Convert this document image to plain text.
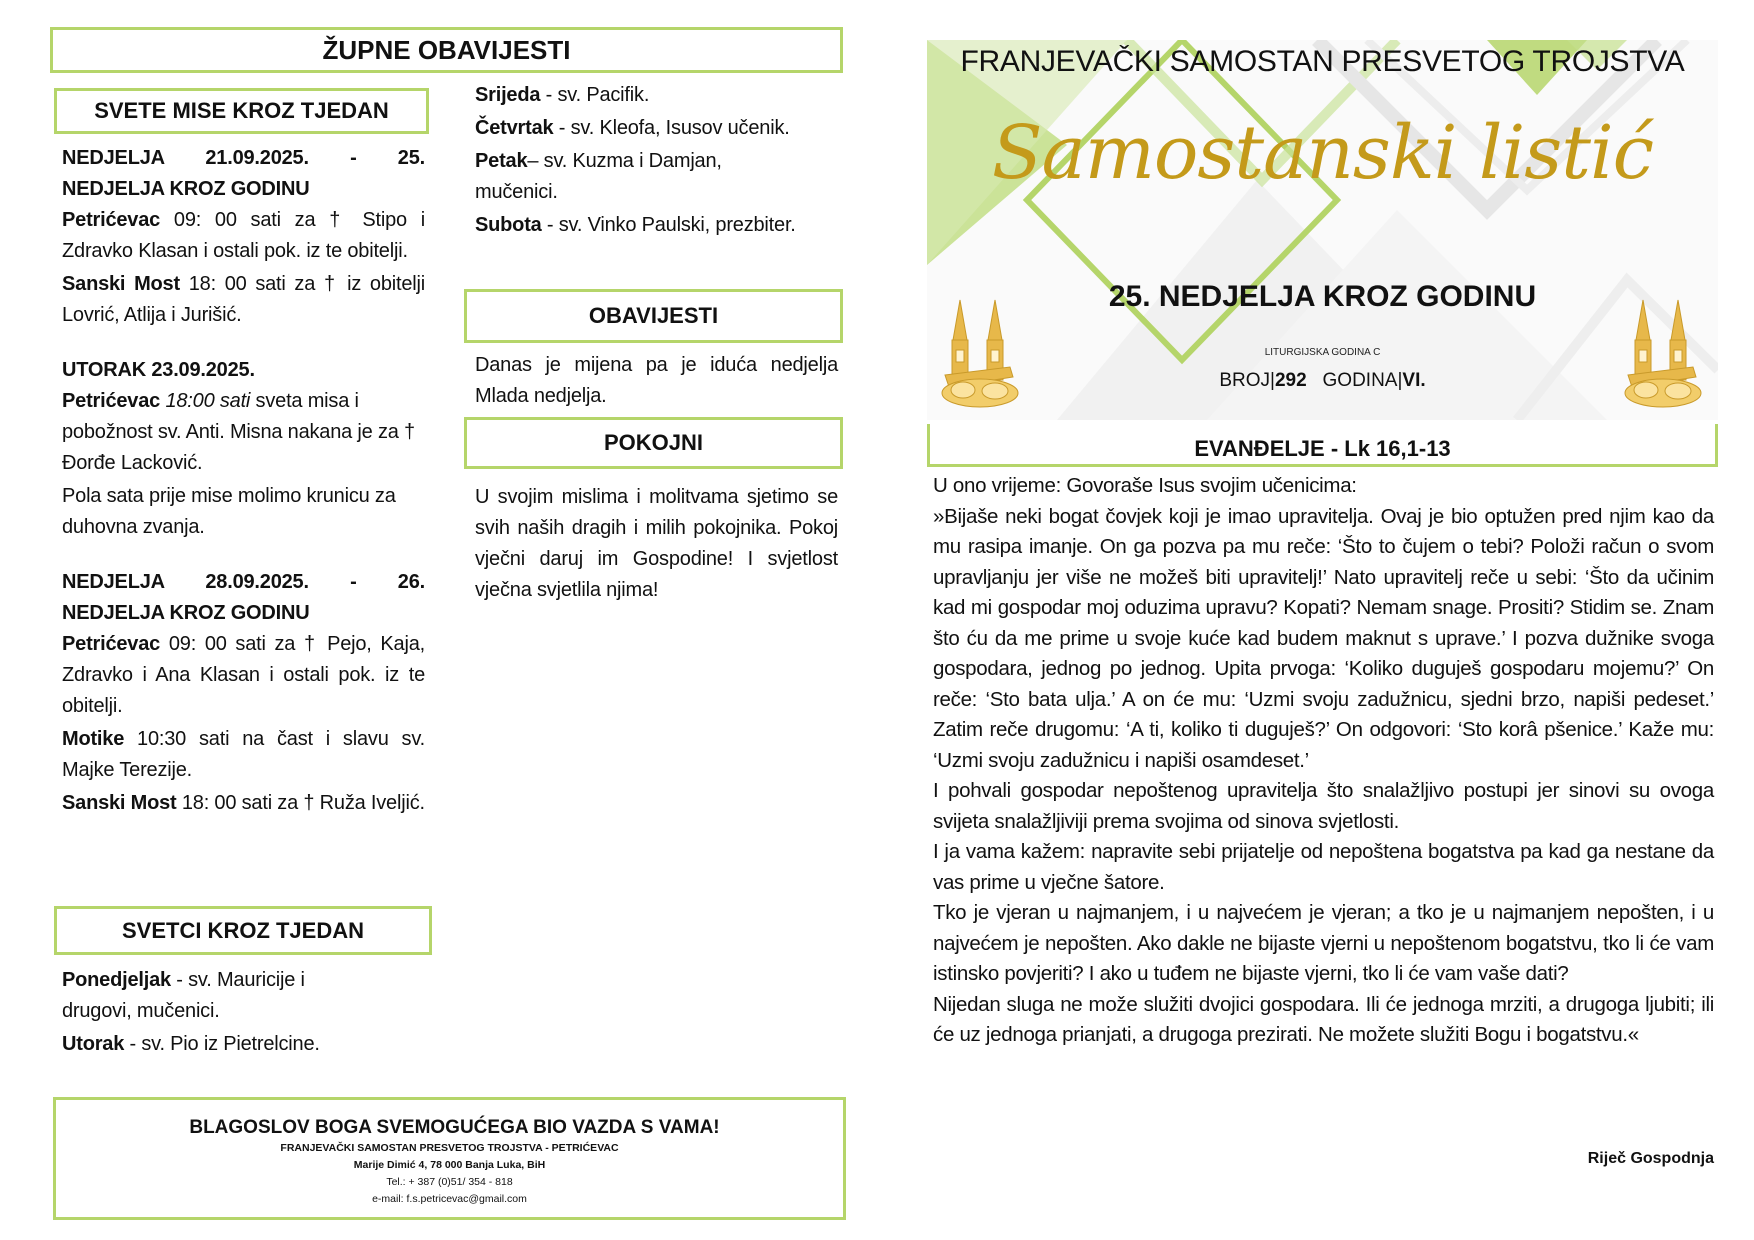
ŽUPNE OBAVIJESTI
SVETE MISE KROZ TJEDAN
NEDJELJA 21.09.2025. - 25. NEDJELJA KROZ GODINU

Petrićevac 09: 00 sati za † Stipo i Zdravko Klasan i ostali pok. iz te obitelji.

Sanski Most 18: 00 sati za † iz obitelji Lovrić, Atlija i Jurišić.

UTORAK 23.09.2025.

Petrićevac 18:00 sati sveta misa i pobožnost sv. Anti. Misna nakana je za † Đorđe Lacković.

Pola sata prije mise molimo krunicu za duhovna zvanja.

NEDJELJA 28.09.2025. - 26. NEDJELJA KROZ GODINU

Petrićevac 09: 00 sati za † Pejo, Kaja, Zdravko i Ana Klasan i ostali pok. iz te obitelji.

Motike 10:30 sati na čast i slavu sv. Majke Terezije.

Sanski Most 18: 00 sati za † Ruža Iveljić.

Srijeda - sv. Pacifik.

Četvrtak - sv. Kleofa, Isusov učenik.

Petak– sv. Kuzma i Damjan, mučenici.

Subota - sv. Vinko Paulski, prezbiter.

OBAVIJESTI
Danas je mijena pa je iduća nedjelja Mlada nedjelja.
POKOJNI
U svojim mislima i molitvama sjetimo se svih naših dragih i milih pokojnika. Pokoj vječni daruj im Gospodine! I svjetlost vječna svjetlila njima!
SVETCI KROZ TJEDAN

Ponedjeljak - sv. Mauricije i drugovi, mučenici.

Utorak - sv. Pio iz Pietrelcine.

BLAGOSLOV BOGA SVEMOGUĆEGA BIO VAZDA S VAMA!
FRANJEVAČKI SAMOSTAN PRESVETOG TROJSTVA - PETRIĆEVAC
Marije Dimić 4, 78 000 Banja Luka, BiH
Tel.: + 387 (0)51/ 354 - 818
e-mail: f.s.petricevac@gmail.com
FRANJEVAČKI SAMOSTAN PRESVETOG TROJSTVA
Samostanski listić
25. NEDJELJA KROZ GODINU
LITURGIJSKA GODINA C
BROJ|292 GODINA|VI.
EVANĐELJE - Lk 16,1-13

U ono vrijeme: Govoraše Isus svojim učenicima:

»Bijaše neki bogat čovjek koji je imao upravitelja. Ovaj je bio optužen pred njim kao da mu rasipa imanje. On ga pozva pa mu reče: ‘Što to čujem o tebi? Položi račun o svom upravljanju jer više ne možeš biti upravitelj!’ Nato upravitelj reče u sebi: ‘Što da učinim kad mi gospodar moj oduzima upravu? Kopati? Nemam snage. Prositi? Stidim se. Znam što ću da me prime u svoje kuće kad budem maknut s uprave.’ I pozva dužnike svoga gospodara, jednog po jednog. Upita prvoga: ‘Koliko duguješ gospodaru mojemu?’ On reče: ‘Sto bata ulja.’ A on će mu: ‘Uzmi svoju zadužnicu, sjedni brzo, napiši pedeset.’ Zatim reče drugomu: ‘A ti, koliko ti duguješ?’ On odgovori: ‘Sto korâ pšenice.’ Kaže mu: ‘Uzmi svoju zadužnicu i napiši osamdeset.’

I pohvali gospodar nepoštenog upravitelja što snalažljivo postupi jer sinovi su ovoga svijeta snalažljiviji prema svojima od sinova svjetlosti.

I ja vama kažem: napravite sebi prijatelje od nepoštena bogatstva pa kad ga nestane da vas prime u vječne šatore.

Tko je vjeran u najmanjem, i u najvećem je vjeran; a tko je u najmanjem nepošten, i u najvećem je nepošten. Ako dakle ne bijaste vjerni u nepoštenom bogatstvu, tko li će vam istinsko povjeriti? I ako u tuđem ne bijaste vjerni, tko li će vam vaše dati?

Nijedan sluga ne može služiti dvojici gospodara. Ili će jednoga mrziti, a drugoga ljubiti; ili će uz jednoga prianjati, a drugoga prezirati. Ne možete služiti Bogu i bogatstvu.«

Riječ Gospodnja
